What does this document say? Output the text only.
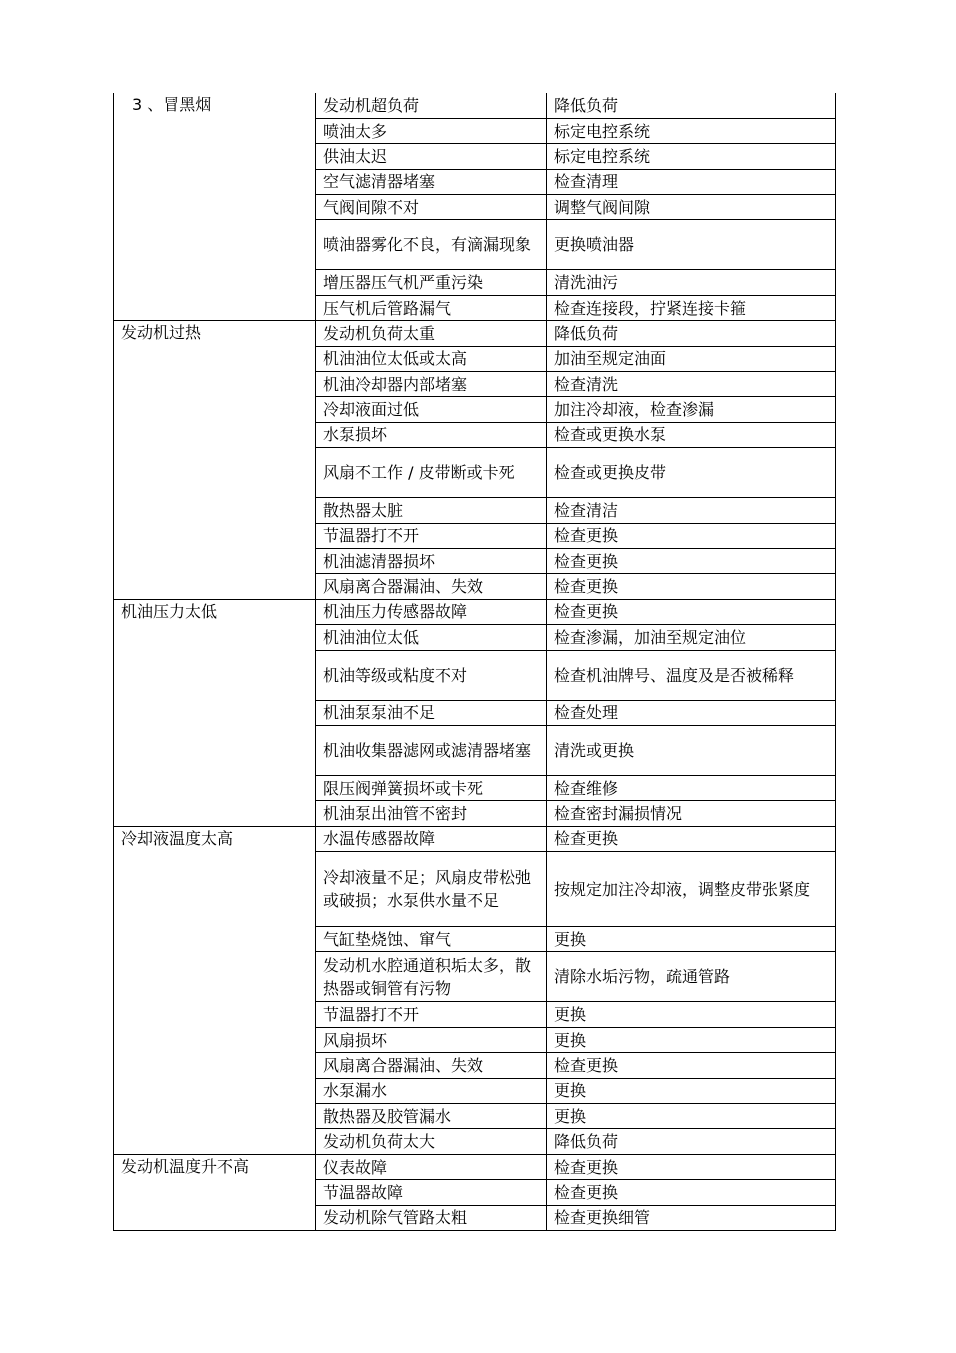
3 、冒黑烟	发动机超负荷	降低负荷
	喷油太多	标定电控系统
	供油太迟	标定电控系统
	空气滤清器堵塞	检查清理
	气阀间隙不对	调整气阀间隙
	喷油器雾化不良，有滴漏现象	更换喷油器
	增压器压气机严重污染	清洗油污
	压气机后管路漏气	检查连接段，拧紧连接卡箍
发动机过热	发动机负荷太重	降低负荷
	机油油位太低或太高	加油至规定油面
	机油冷却器内部堵塞	检查清洗
	冷却液面过低	加注冷却液，检查渗漏
	水泵损坏	检查或更换水泵
	风扇不工作 / 皮带断或卡死	检查或更换皮带
	散热器太脏	检查清洁
	节温器打不开	检查更换
	机油滤清器损坏	检查更换
	风扇离合器漏油、失效	检查更换
机油压力太低	机油压力传感器故障	检查更换
	机油油位太低	检查渗漏，加油至规定油位
	机油等级或粘度不对	检查机油牌号、温度及是否被稀释
	机油泵泵油不足	检查处理
	机油收集器滤网或滤清器堵塞	清洗或更换
	限压阀弹簧损坏或卡死	检查维修
	机油泵出油管不密封	检查密封漏损情况
冷却液温度太高	水温传感器故障	检查更换
	冷却液量不足；风扇皮带松弛或破损；水泵供水量不足	按规定加注冷却液，调整皮带张紧度
	气缸垫烧蚀、窜气	更换
	发动机水腔通道积垢太多，散热器或铜管有污物	清除水垢污物，疏通管路
	节温器打不开	更换
	风扇损坏	更换
	风扇离合器漏油、失效	检查更换
	水泵漏水	更换
	散热器及胶管漏水	更换
	发动机负荷太大	降低负荷
发动机温度升不高	仪表故障	检查更换
	节温器故障	检查更换
	发动机除气管路太粗	检查更换细管
